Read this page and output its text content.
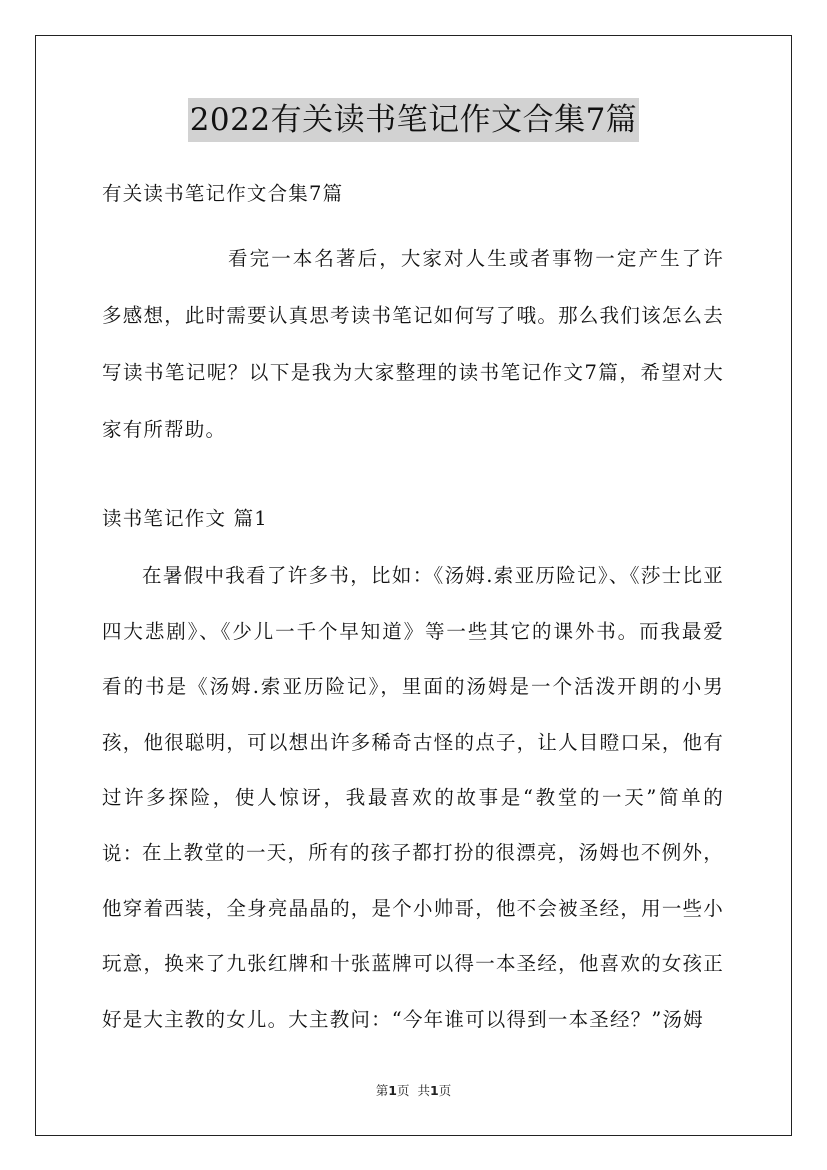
2022有关读书笔记作文合集7篇

有关读书笔记作文合集7篇

看完一本名著后，大家对人生或者事物一定产生了许多感想，此时需要认真思考读书笔记如何写了哦。那么我们该怎么去写读书笔记呢？以下是我为大家整理的读书笔记作文7篇，希望对大家有所帮助。

读书笔记作文 篇1

在暑假中我看了许多书，比如：《汤姆.索亚历险记》、《莎士比亚四大悲剧》、《少儿一千个早知道》等一些其它的课外书。而我最爱看的书是《汤姆.索亚历险记》，里面的汤姆是一个活泼开朗的小男孩，他很聪明，可以想出许多稀奇古怪的点子，让人目瞪口呆，他有过许多探险，使人惊讶，我最喜欢的故事是“教堂的一天”简单的说：

在上教堂的一天，所有的孩子都打扮的很漂亮，汤姆也不例外，他穿着西装，全身亮晶晶的，是个小帅哥，他不会被圣经，用一些小玩意，换来了九张红牌和十张蓝牌可以得一本圣经，他喜欢的女孩正好是大主教的女儿。大主教问：“今年谁可以得到一本圣经？”汤姆

第1页 共1页
